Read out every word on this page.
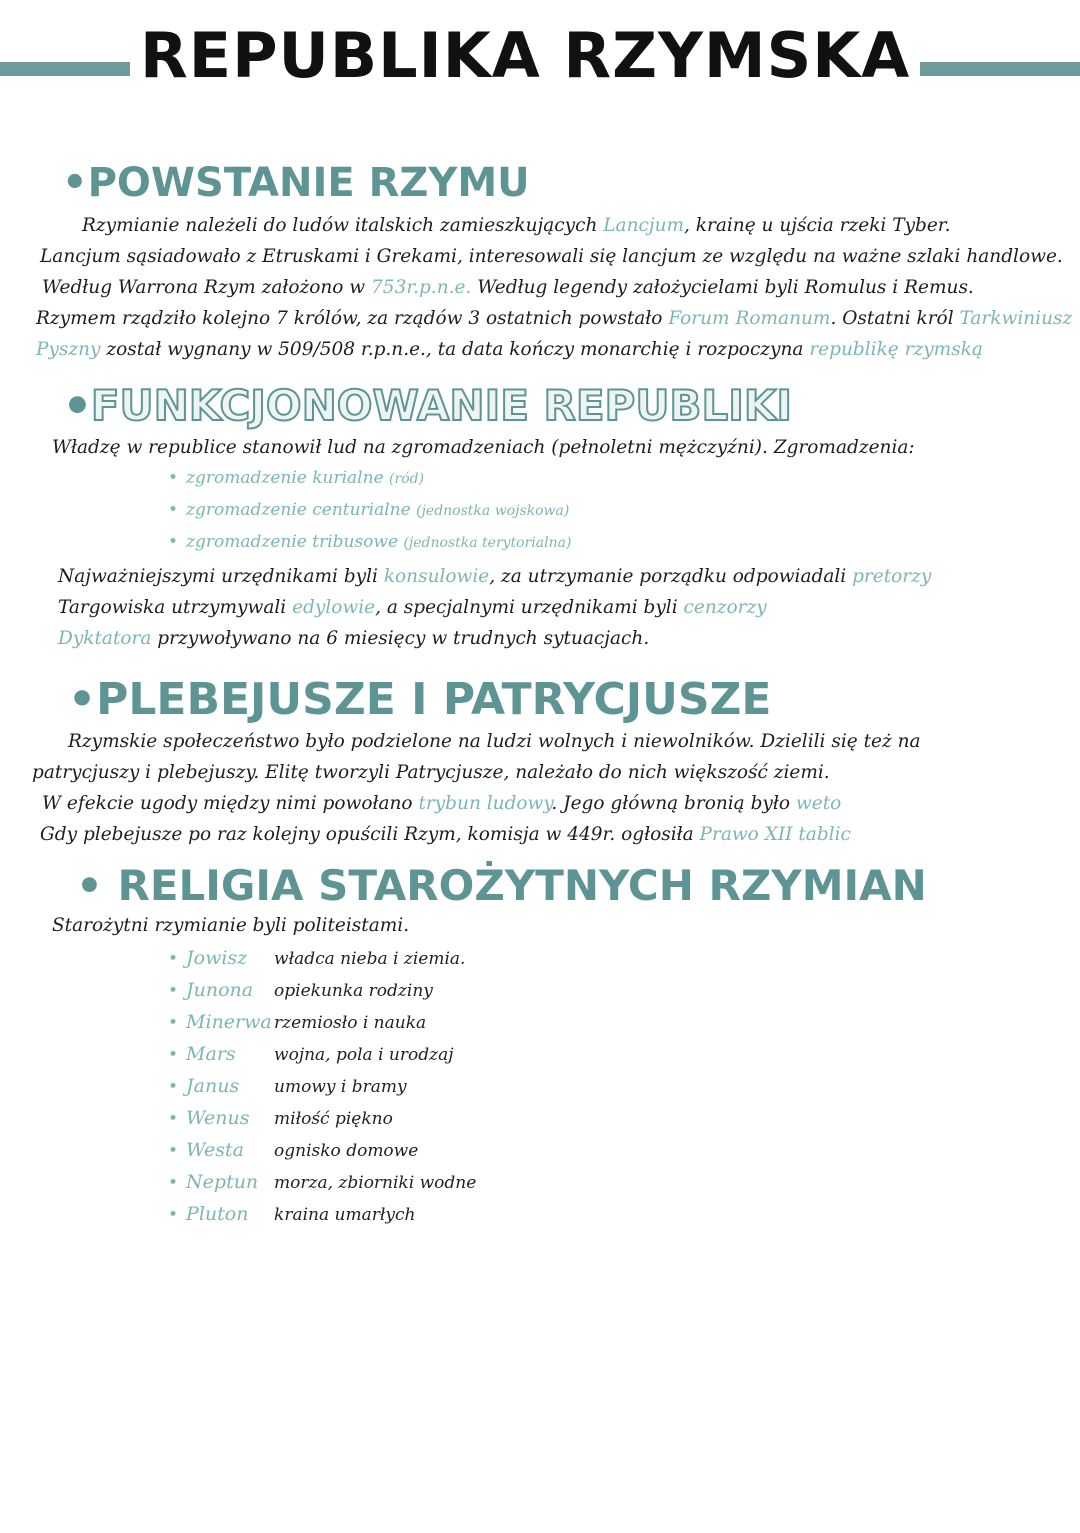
REPUBLIKA RZYMSKA
•POWSTANIE RZYMU

Rzymianie należeli do ludów italskich zamieszkujących Lancjum, krainę u ujścia rzeki Tyber.

Lancjum sąsiadowało z Etruskami i Grekami, interesowali się lancjum ze względu na ważne szlaki handlowe.

Według Warrona Rzym założono w 753r.p.n.e. Według legendy założycielami byli Romulus i Remus.

Rzymem rządziło kolejno 7 królów, za rządów 3 ostatnich powstało Forum Romanum. Ostatni król Tarkwiniusz

Pyszny został wygnany w 509/508 r.p.n.e., ta data kończy monarchię i rozpoczyna republikę rzymską

•FUNKCJONOWANIE REPUBLIKI

Władzę w republice stanowił lud na zgromadzeniach (pełnoletni mężczyźni). Zgromadzenia:

• zgromadzenie kurialne (ród)
• zgromadzenie centurialne (jednostka wojskowa)
• zgromadzenie tribusowe (jednostka terytorialna)

Najważniejszymi urzędnikami byli konsulowie, za utrzymanie porządku odpowiadali pretorzy

Targowiska utrzymywali edylowie, a specjalnymi urzędnikami byli cenzorzy

Dyktatora przywoływano na 6 miesięcy w trudnych sytuacjach.

•PLEBEJUSZE I PATRYCJUSZE

Rzymskie społeczeństwo było podzielone na ludzi wolnych i niewolników. Dzielili się też na

patrycjuszy i plebejuszy. Elitę tworzyli Patrycjusze, należało do nich większość ziemi.

W efekcie ugody między nimi powołano trybun ludowy. Jego główną bronią było weto

Gdy plebejusze po raz kolejny opuścili Rzym, komisja w 449r. ogłosiła Prawo XII tablic

• RELIGIA STAROŻYTNYCH RZYMIAN

Starożytni rzymianie byli politeistami.

• Jowisz władca nieba i ziemia.
• Junona opiekunka rodziny
• Minerwa rzemiosło i nauka
• Mars wojna, pola i urodzaj
• Janus umowy i bramy
• Wenus miłość piękno
• Westa ognisko domowe
• Neptun morza, zbiorniki wodne
• Pluton kraina umarłych
